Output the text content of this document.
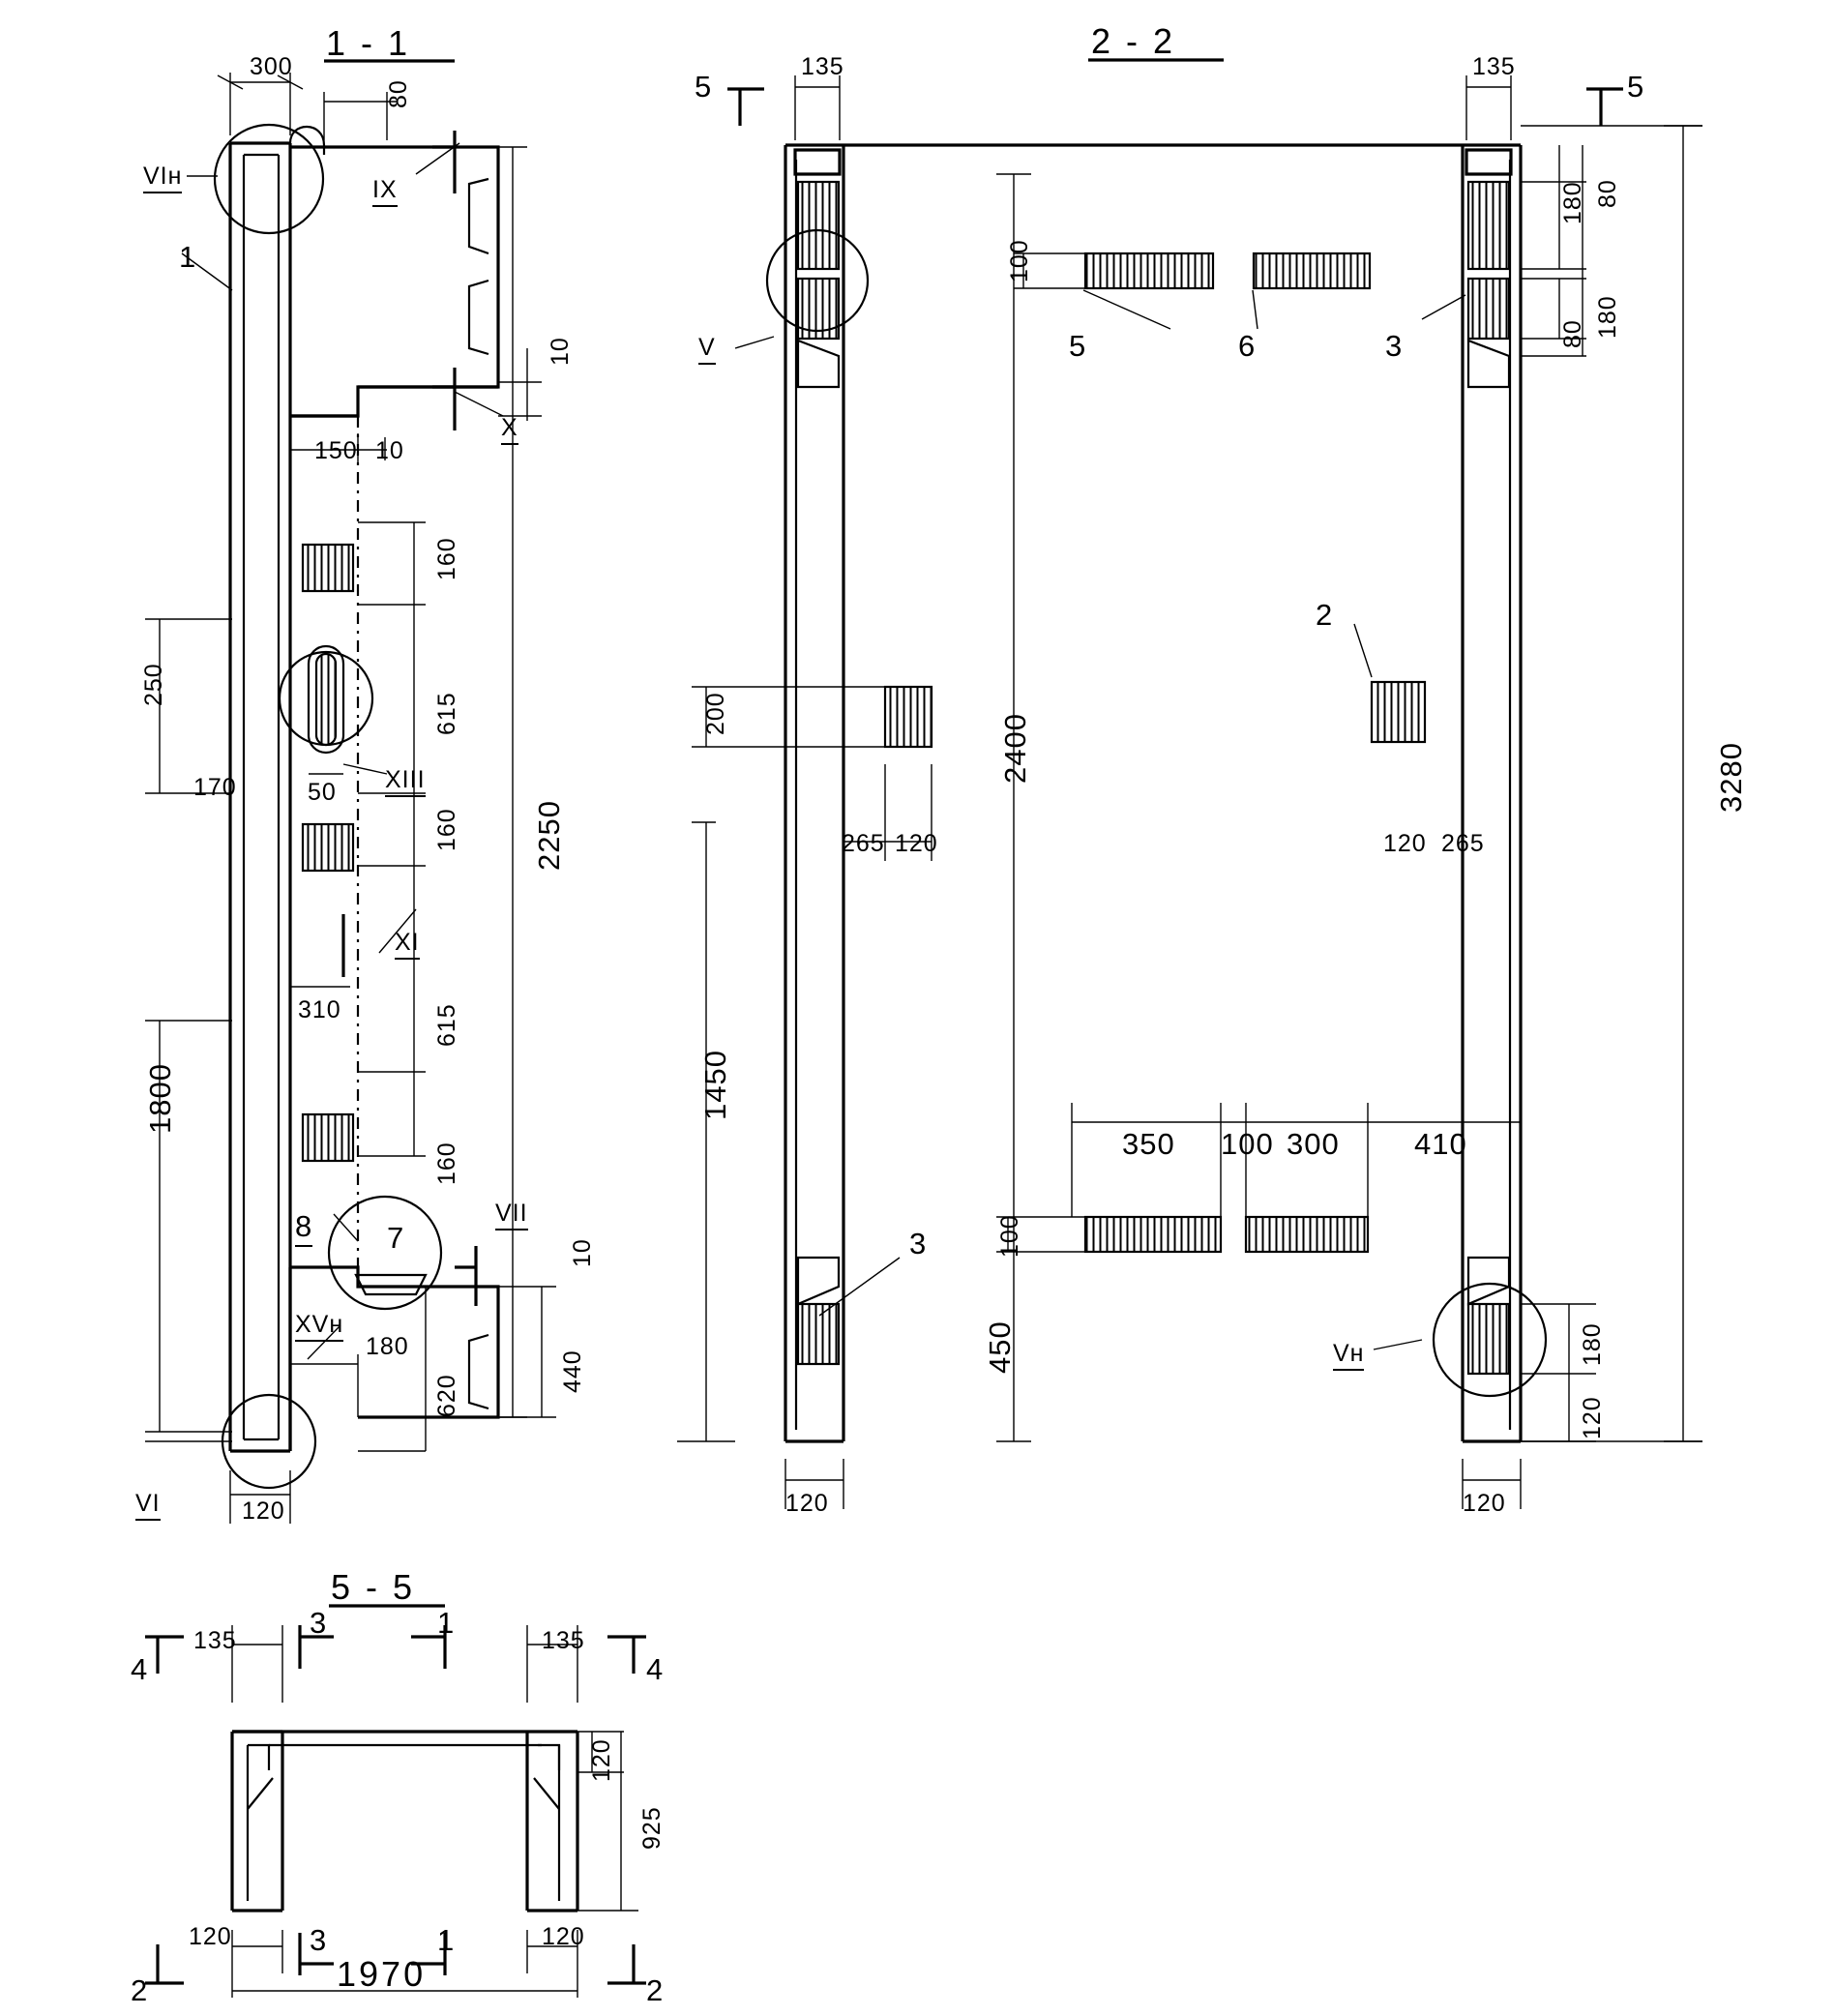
1 - 1
300
80
VIн
1
IX
10
X
150 10
160
615
250
170	50 XIII
2250
160
XI
310	615
1800
160
VII
8 7
XVн
180
620
440
10
VI	120
2 - 2
5
135	135
5
180 80
80 180
3280
100
5	6	3
V
2
200	2400
265 120	120 265
1450
350 100 300 410
3	100
450	Vн	180
120
120	120
5 - 5
4
135
3	1
135
4
120
925
120	3	1	120
1970
2	2
